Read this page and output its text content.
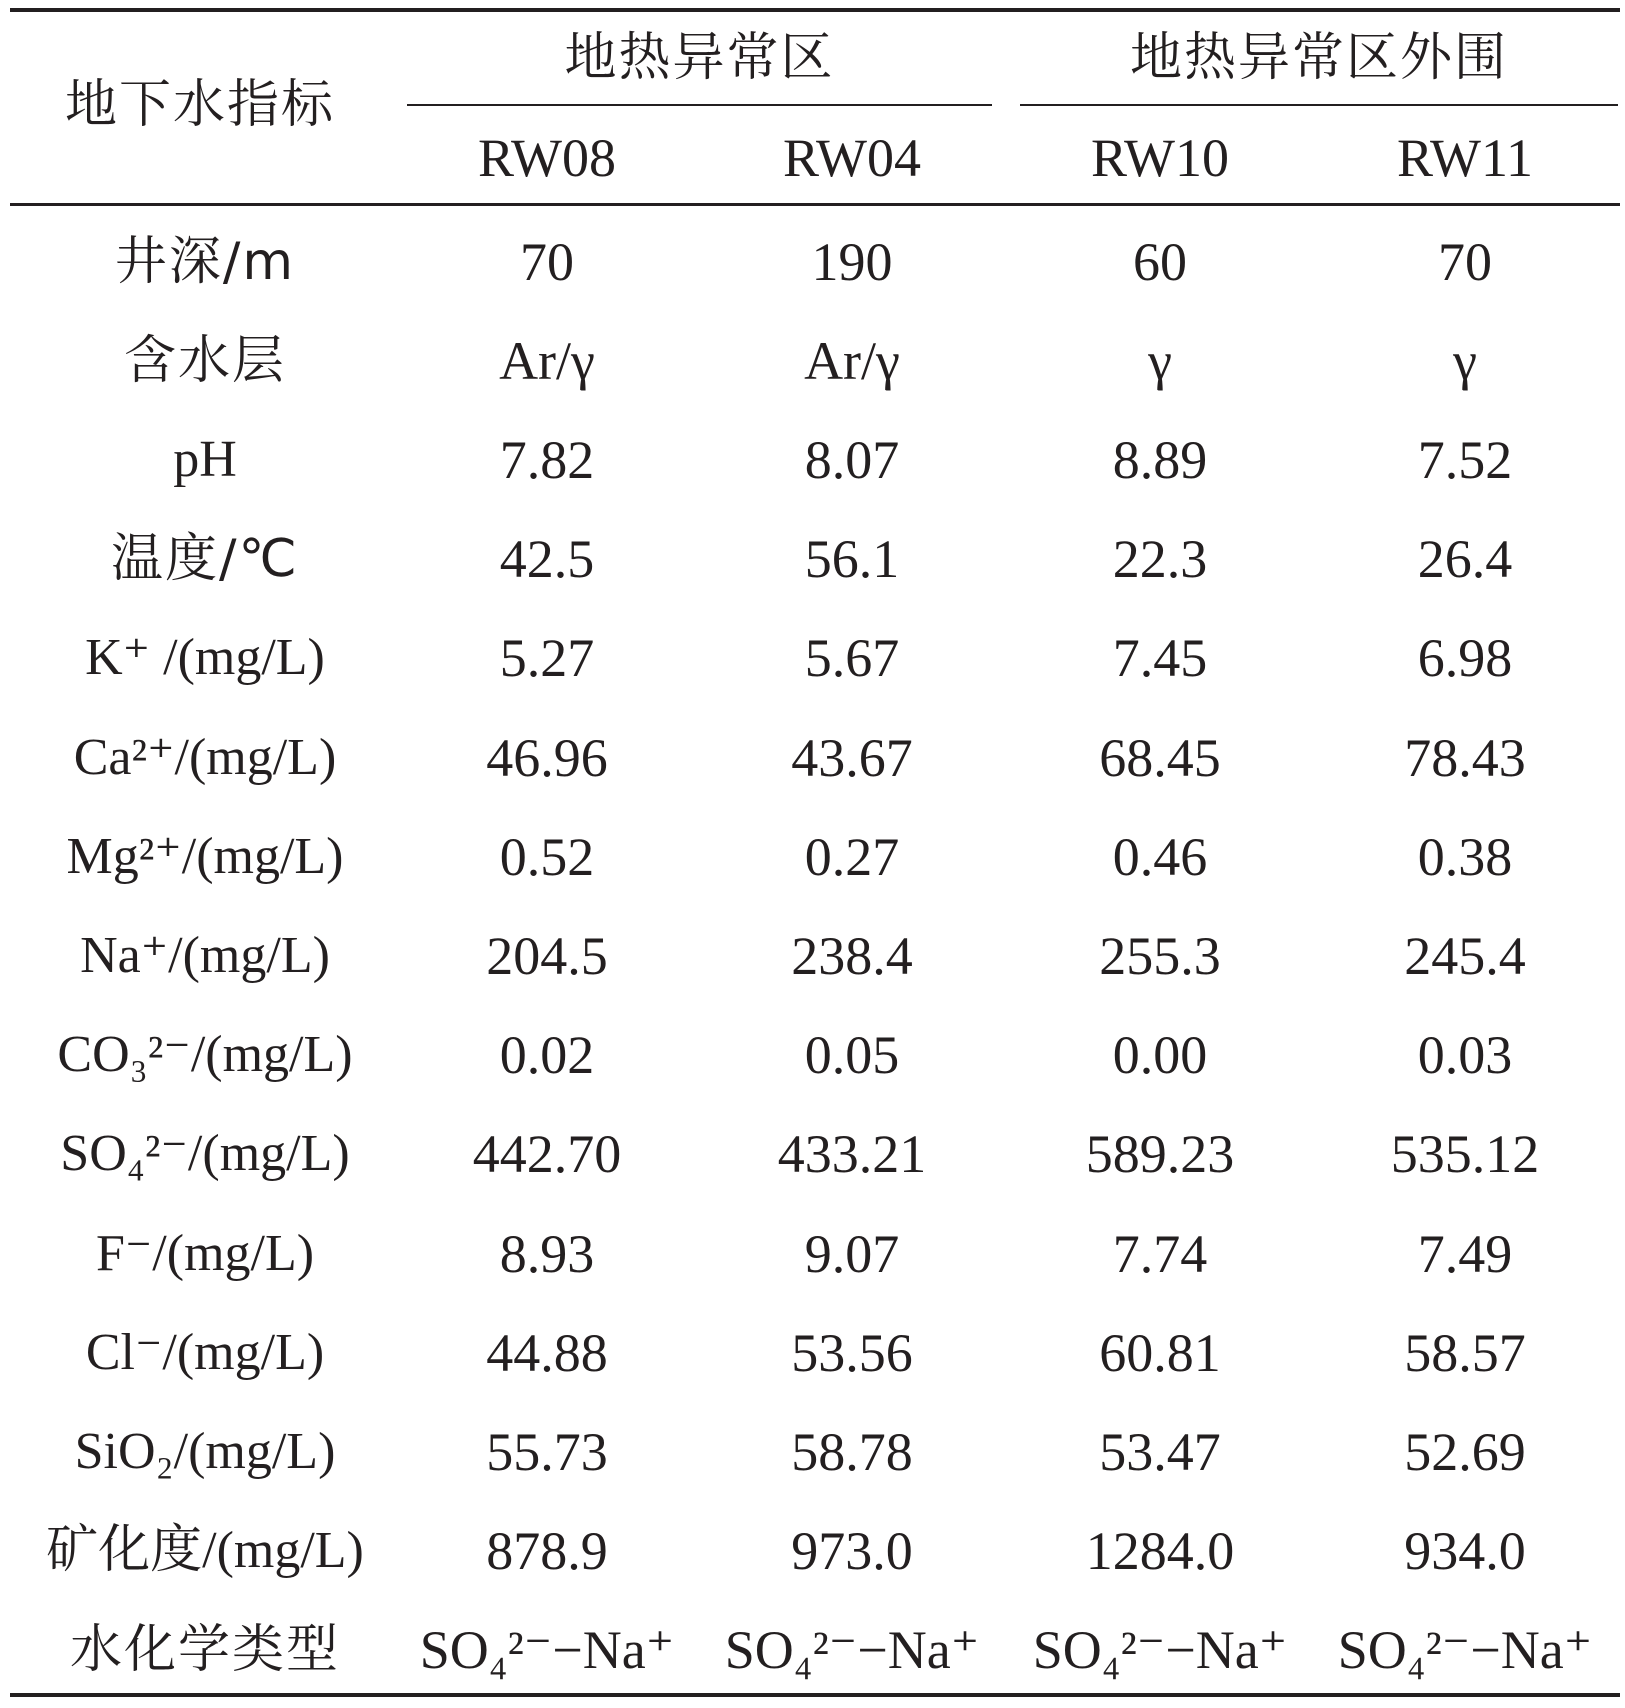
地下水指标
地热异常区	地热异常区外围
RW08	RW04	RW10	RW11
井深/m	70	190	60	70
含水层	Ar/γ	Ar/γ	γ	γ
pH	7.82	8.07	8.89	7.52
温度/℃	42.5	56.1	22.3	26.4
K⁺ /(mg/L)	5.27	5.67	7.45	6.98
Ca²⁺/(mg/L)	46.96	43.67	68.45	78.43
Mg²⁺/(mg/L)	0.52	0.27	0.46	0.38
Na⁺/(mg/L)	204.5	238.4	255.3	245.4
CO₃²⁻/(mg/L)	0.02	0.05	0.00	0.03
SO₄²⁻/(mg/L)	442.70	433.21	589.23	535.12
F⁻/(mg/L)	8.93	9.07	7.74	7.49
Cl⁻/(mg/L)	44.88	53.56	60.81	58.57
SiO₂/(mg/L)	55.73	58.78	53.47	52.69
矿化度/(mg/L)	878.9	973.0	1284.0	934.0
水化学类型	SO₄²⁻−Na⁺ SO₄²⁻−Na⁺ SO₄²⁻−Na⁺ SO₄²⁻−Na⁺
